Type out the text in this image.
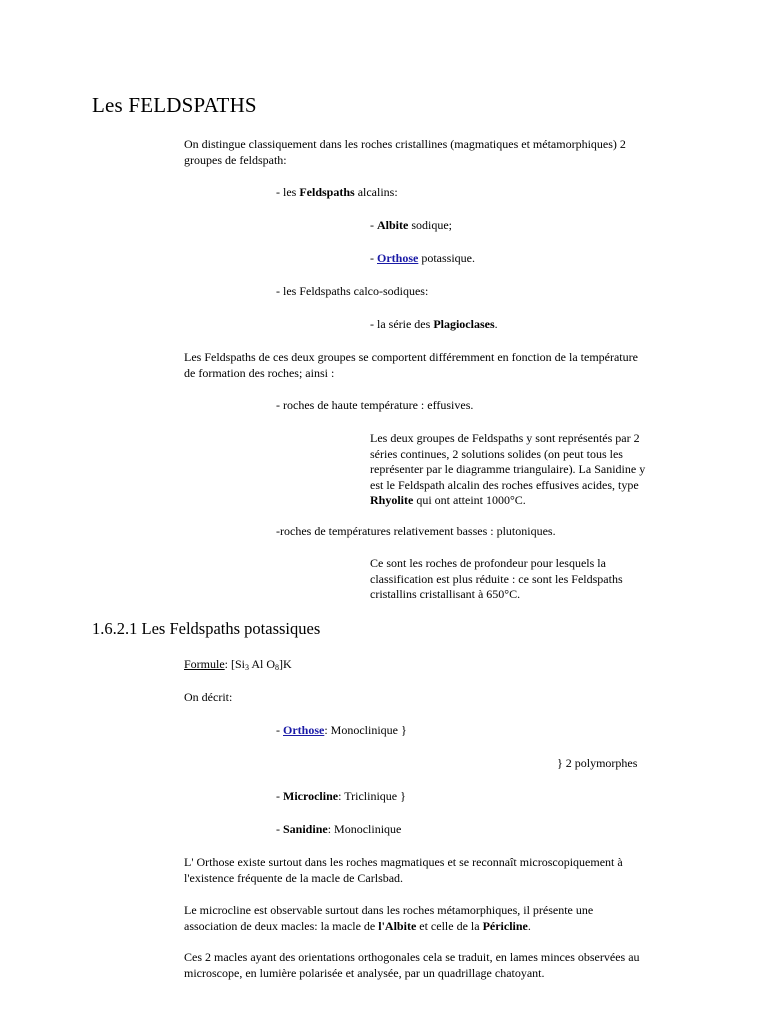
Les FELDSPATHS

On distingue classiquement dans les roches cristallines (magmatiques et métamorphiques) 2
groupes de feldspath:

- les Feldspaths alcalins:

- Albite sodique;

- Orthose potassique.

- les Feldspaths calco-sodiques:

- la série des Plagioclases.

Les Feldspaths de ces deux groupes se comportent différemment en fonction de la température
de formation des roches; ainsi :

- roches de haute température : effusives.

Les deux groupes de Feldspaths y sont représentés par 2
séries continues, 2 solutions solides (on peut tous les
représenter par le diagramme triangulaire). La Sanidine y
est le Feldspath alcalin des roches effusives acides, type
Rhyolite qui ont atteint 1000°C.

-roches de températures relativement basses : plutoniques.

Ce sont les roches de profondeur pour lesquels la
classification est plus réduite : ce sont les Feldspaths
cristallins cristallisant à 650°C.

1.6.2.1 Les Feldspaths potassiques

Formule: [$Si_3$ Al $O_8]K$

On décrit:

- Orthose: Monoclinique }

} 2 polymorphes

- Microcline: Triclinique }

- Sanidine: Monoclinique

L' Orthose existe surtout dans les roches magmatiques et se reconnaît microscopiquement à
l'existence fréquente de la macle de Carlsbad.

Le microcline est observable surtout dans les roches métamorphiques, il présente une
association de deux macles: la macle de l'Albite et celle de la Péricline.

Ces 2 macles ayant des orientations orthogonales cela se traduit, en lames minces observées au
microscope, en lumière polarisée et analysée, par un quadrillage chatoyant.
